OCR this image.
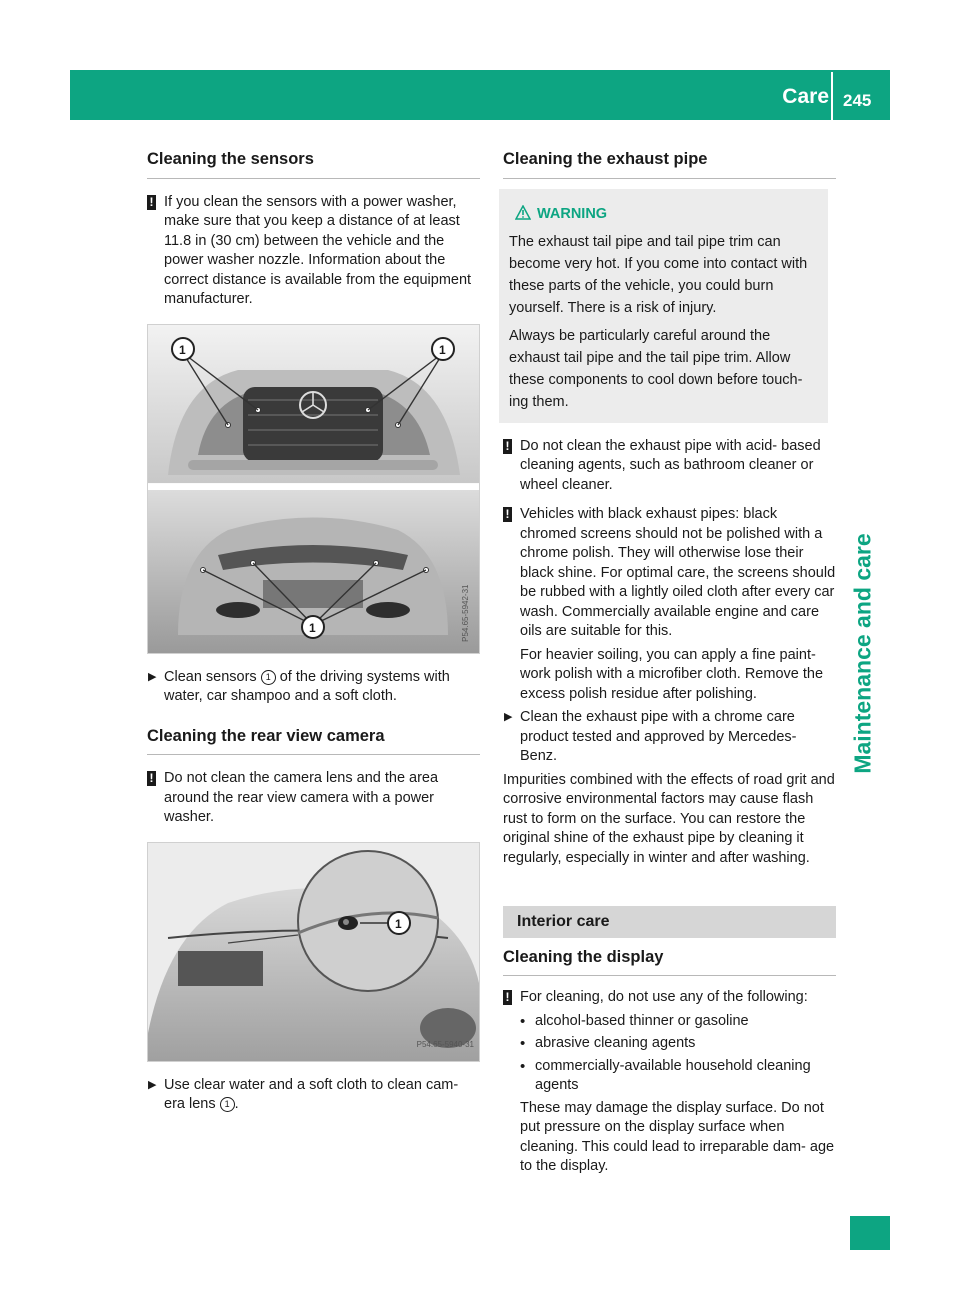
Care 245
Maintenance and care
Cleaning the sensors

! If you clean the sensors with a power washer, make sure that you keep a distance of at least 11.8 in (30 cm) between the vehicle and the power washer nozzle. Information about the correct distance is available from the equipment manufacturer.

1	1
1	P54.65-5942-31

▶ Clean sensors 1 of the driving systems with water, car shampoo and a soft cloth.

Cleaning the rear view camera

! Do not clean the camera lens and the area around the rear view camera with a power washer.

1
P54.65-5940-31

▶ Use clear water and a soft cloth to clean cam- era lens 1 .

Cleaning the exhaust pipe
WARNING

The exhaust tail pipe and tail pipe trim can become very hot. If you come into contact with these parts of the vehicle, you could burn yourself. There is a risk of injury.

Always be particularly careful around the exhaust tail pipe and the tail pipe trim. Allow these components to cool down before touch- ing them.

! Do not clean the exhaust pipe with acid- based cleaning agents, such as bathroom cleaner or wheel cleaner.

! Vehicles with black exhaust pipes: black chromed screens should not be polished with a chrome polish. They will otherwise lose their black shine. For optimal care, the screens should be rubbed with a lightly oiled cloth after every car wash. Commercially available engine and care oils are suitable for this.

For heavier soiling, you can apply a fine paint- work polish with a microfiber cloth. Remove the excess polish residue after polishing.

▶ Clean the exhaust pipe with a chrome care product tested and approved by Mercedes- Benz.

Impurities combined with the effects of road grit and corrosive environmental factors may cause flash rust to form on the surface. You can restore the original shine of the exhaust pipe by cleaning it regularly, especially in winter and after washing.

Interior care
Cleaning the display

! For cleaning, do not use any of the following:

• alcohol-based thinner or gasoline

• abrasive cleaning agents

• commercially-available household cleaning agents

These may damage the display surface. Do not put pressure on the display surface when cleaning. This could lead to irreparable dam- age to the display.
